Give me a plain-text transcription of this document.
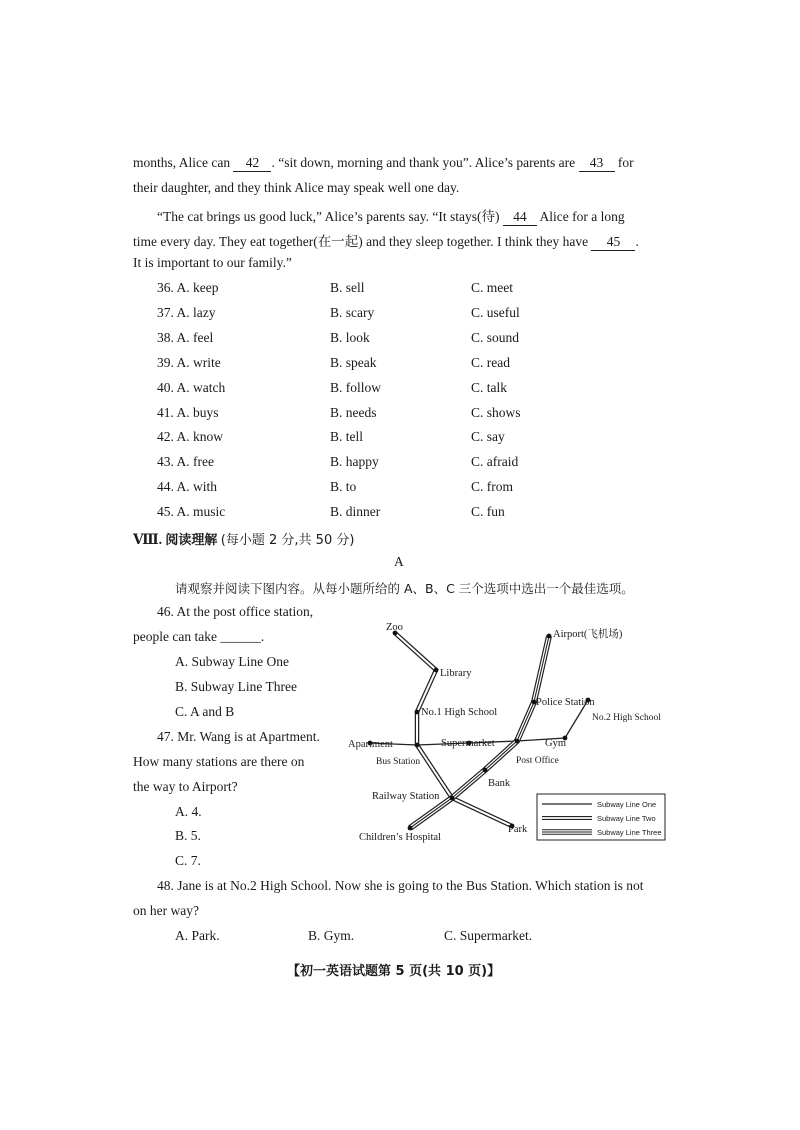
months, Alice can 42 . “sit down, morning and thank you”. Alice’s parents are 43 for
their daughter, and they think Alice may speak well one day.
“The cat brings us good luck,” Alice’s parents say. “It stays(待) 44 Alice for a long
time every day. They eat together(在一起) and they sleep together. I think they have 45 .
It is important to our family.”
36. A. keep	B. sell	C. meet
37. A. lazy	B. scary	C. useful
38. A. feel	B. look	C. sound
39. A. write	B. speak	C. read
40. A. watch	B. follow	C. talk
41. A. buys	B. needs	C. shows
42. A. know	B. tell	C. say
43. A. free	B. happy	C. afraid
44. A. with	B. to	C. from
45. A. music	B. dinner	C. fun
Ⅷ. 阅读理解 (每小题 2 分,共 50 分)
A
请观察并阅读下图内容。从每小题所给的 A、B、C 三个选项中选出一个最佳选项。
46. At the post office station,
people can take ______.
A. Subway Line One
B. Subway Line Three
C. A and B
47. Mr. Wang is at Apartment.
How many stations are there on
the way to Airport?
A. 4.
B. 5.
C. 7.
48. Jane is at No.2 High School. Now she is going to the Bus Station. Which station is not
on her way?
A. Park.	B. Gym.	C. Supermarket.
【初一英语试题第 5 页(共 10 页)】
Zoo
Library
No.1 High School
Airport(飞机场)
Police Station
No.2 High School
Apartment	Supermarket	Gym
Bus Station	Post Office
Bank
Railway Station
Park
Children’s Hospital
Subway Line One
Subway Line Two
Subway Line Three
